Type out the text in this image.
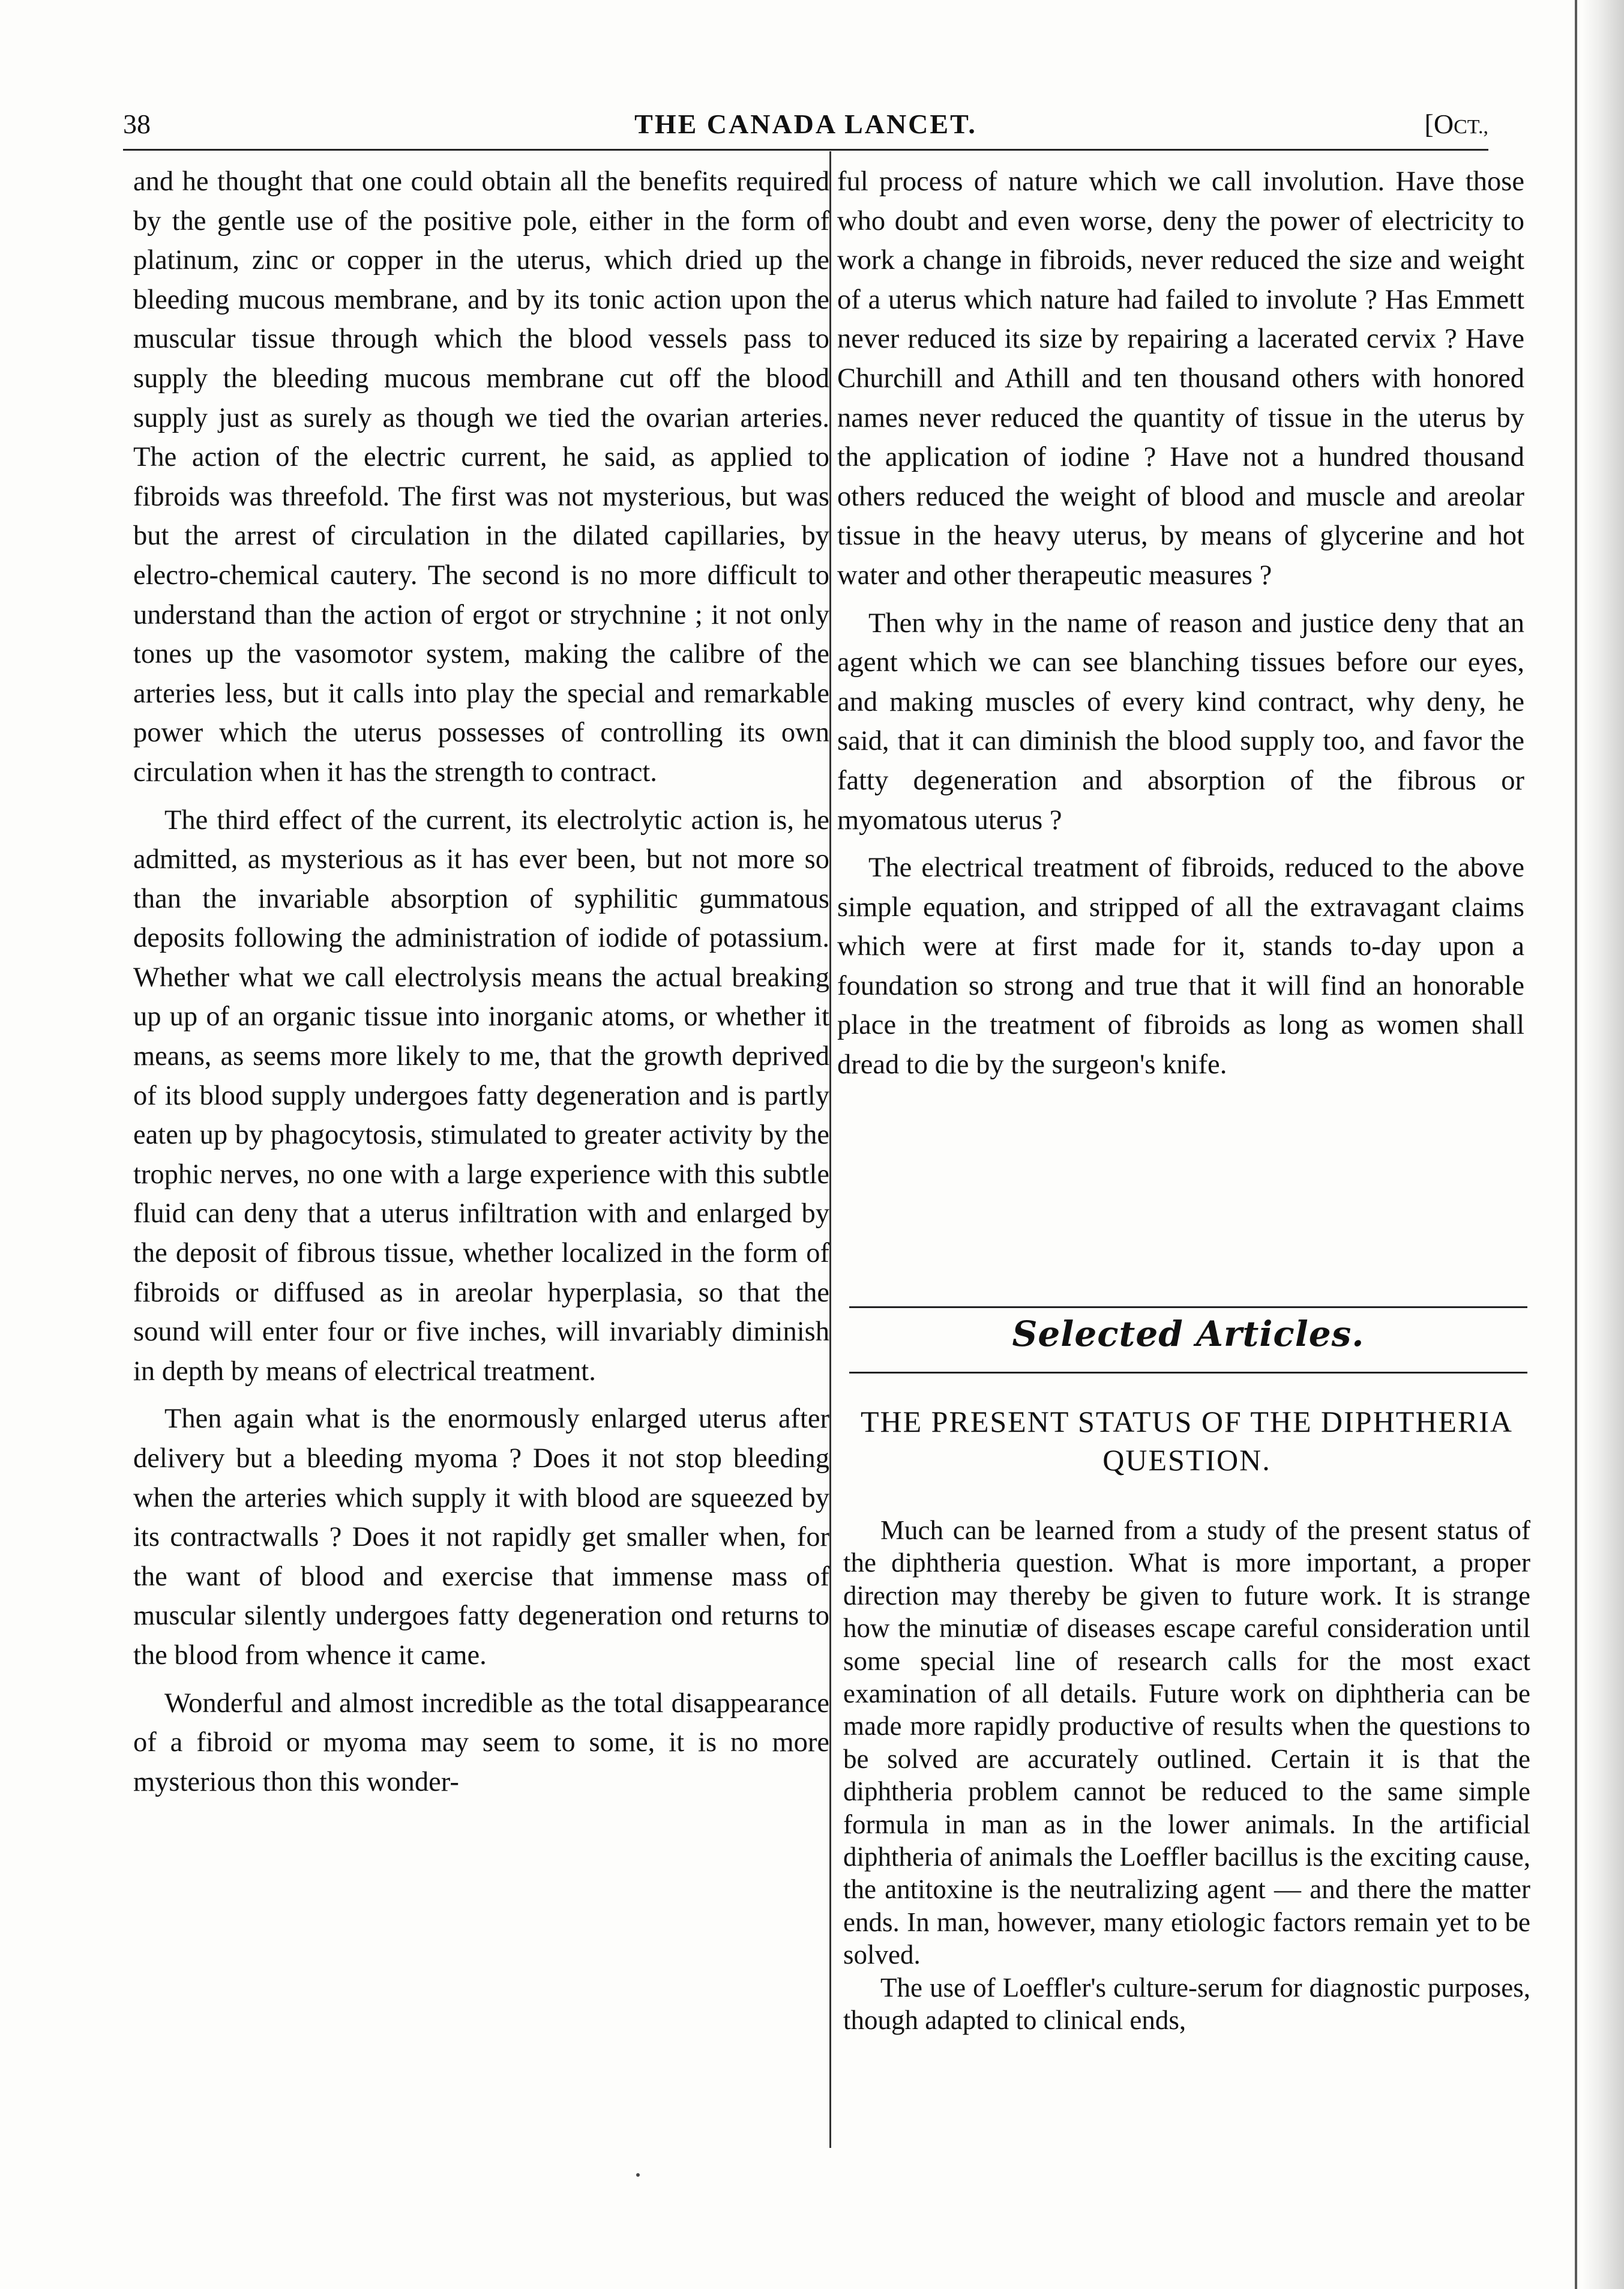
38	THE CANADA LANCET.	[OCT.,

and he thought that one could obtain all the benefits required by the gentle use of the positive pole, either in the form of platinum, zinc or copper in the uterus, which dried up the bleeding mucous membrane, and by its tonic action upon the muscular tissue through which the blood vessels pass to supply the bleeding mucous membrane cut off the blood supply just as surely as though we tied the ovarian arteries. The action of the electric current, he said, as applied to fibroids was threefold. The first was not mysterious, but was but the arrest of circulation in the dilated capillaries, by electro-chemical cautery. The second is no more difficult to understand than the action of ergot or strychnine ; it not only tones up the vasomotor system, making the calibre of the arteries less, but it calls into play the special and remarkable power which the uterus possesses of controlling its own circulation when it has the strength to contract.

The third effect of the current, its electrolytic action is, he admitted, as mysterious as it has ever been, but not more so than the invariable absorption of syphilitic gummatous deposits following the administration of iodide of potassium. Whether what we call electrolysis means the actual breaking up up of an organic tissue into inorganic atoms, or whether it means, as seems more likely to me, that the growth deprived of its blood supply undergoes fatty degeneration and is partly eaten up by phagocytosis, stimulated to greater activity by the trophic nerves, no one with a large experience with this subtle fluid can deny that a uterus infiltration with and enlarged by the deposit of fibrous tissue, whether localized in the form of fibroids or diffused as in areolar hyperplasia, so that the sound will enter four or five inches, will invariably diminish in depth by means of electrical treatment.

Then again what is the enormously enlarged uterus after delivery but a bleeding myoma ? Does it not stop bleeding when the arteries which supply it with blood are squeezed by its contractwalls ? Does it not rapidly get smaller when, for the want of blood and exercise that immense mass of muscular silently undergoes fatty degeneration ond returns to the blood from whence it came.

Wonderful and almost incredible as the total disappearance of a fibroid or myoma may seem to some, it is no more mysterious thon this wonder-

ful process of nature which we call involution. Have those who doubt and even worse, deny the power of electricity to work a change in fibroids, never reduced the size and weight of a uterus which nature had failed to involute ? Has Emmett never reduced its size by repairing a lacerated cervix ? Have Churchill and Athill and ten thousand others with honored names never reduced the quantity of tissue in the uterus by the application of iodine ? Have not a hundred thousand others reduced the weight of blood and muscle and areolar tissue in the heavy uterus, by means of glycerine and hot water and other therapeutic measures ?

Then why in the name of reason and justice deny that an agent which we can see blanching tissues before our eyes, and making muscles of every kind contract, why deny, he said, that it can diminish the blood supply too, and favor the fatty degeneration and absorption of the fibrous or myomatous uterus ?

The electrical treatment of fibroids, reduced to the above simple equation, and stripped of all the extravagant claims which were at first made for it, stands to-day upon a foundation so strong and true that it will find an honorable place in the treatment of fibroids as long as women shall dread to die by the surgeon's knife.

Selected Articles.
THE PRESENT STATUS OF THE DIPHTHERIA QUESTION.

Much can be learned from a study of the present status of the diphtheria question. What is more important, a proper direction may thereby be given to future work. It is strange how the minutiæ of diseases escape careful consideration until some special line of research calls for the most exact examination of all details. Future work on diphtheria can be made more rapidly productive of results when the questions to be solved are accurately outlined. Certain it is that the diphtheria problem cannot be reduced to the same simple formula in man as in the lower animals. In the artificial diphtheria of animals the Loeffler bacillus is the exciting cause, the antitoxine is the neutralizing agent — and there the matter ends. In man, however, many etiologic factors remain yet to be solved.

The use of Loeffler's culture-serum for diagnostic purposes, though adapted to clinical ends,
